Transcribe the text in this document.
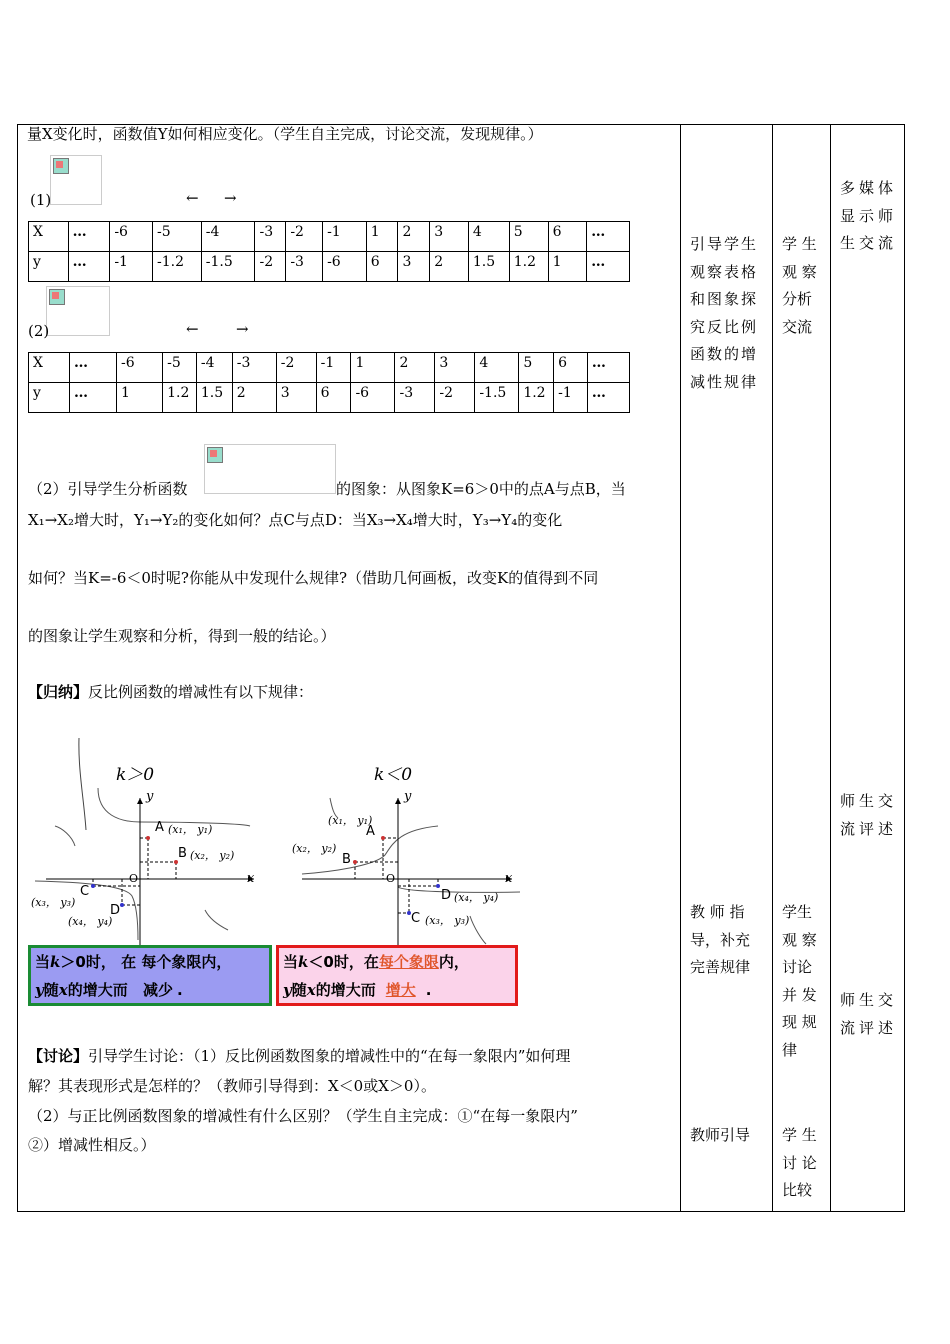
量X变化时，函数值Y如何相应变化。（学生自主完成，讨论交流，发现规律。）
(1)	← →
X	…	-6	-5	-4	-3	-2	-1	1	2	3	4	5	6	…
y	…	-1	-1.2	-1.5	-2	-3	-6	6	3	2	1.5	1.2	1	…
(2)	← →
X	…	-6	-5	-4	-3	-2	-1	1	2	3	4	5	6	…
y	…	1	1.2	1.5	2	3	6	-6	-3	-2	-1.5	1.2	-1	…
（2）引导学生分析函数	的图象：从图象K=6＞0中的点A与点B，当
X₁→X₂增大时，Y₁→Y₂的变化如何？点C与点D：当X₃→X₄增大时，Y₃→Y₄的变化
如何？当K=-6＜0时呢?你能从中发现什么规律?（借助几何画板，改变K的值得到不同
的图象让学生观察和分析，得到一般的结论。）
【归纳】反比例函数的增减性有以下规律：
k＞0
y
x
O
A (x₁， y₁)
B (x₂， y₂)
C
(x₃， y₃)
D
(x₄， y₄)
k＜0
y
x
O
A
(x₁， y₁)
B
(x₂， y₂)
D (x₄， y₄)
C (x₃， y₃)
当k＞0时， 在 每个象限内，
y随x的增大而 减少 .
当k＜0时，在每个象限内，
y随x的增大而 增大 .
【讨论】引导学生讨论：（1）反比例函数图象的增减性中的“在每一象限内”如何理
解？其表现形式是怎样的？（教师引导得到：X＜0或X＞0）。
（2）与正比例函数图象的增减性有什么区别？（学生自主完成：①“在每一象限内”
②）增减性相反。）
引导学生
观察表格
和图象探
究反比例
函数的增
减性规律
教 师 指
导，补充
完善规律
教师引导
学 生
观 察
分析
交流
学生
观 察
讨论
并 发
现 规
律
学 生
讨 论
比较
多媒体
显示师
生交流
师生交
流评述
师生交
流评述
